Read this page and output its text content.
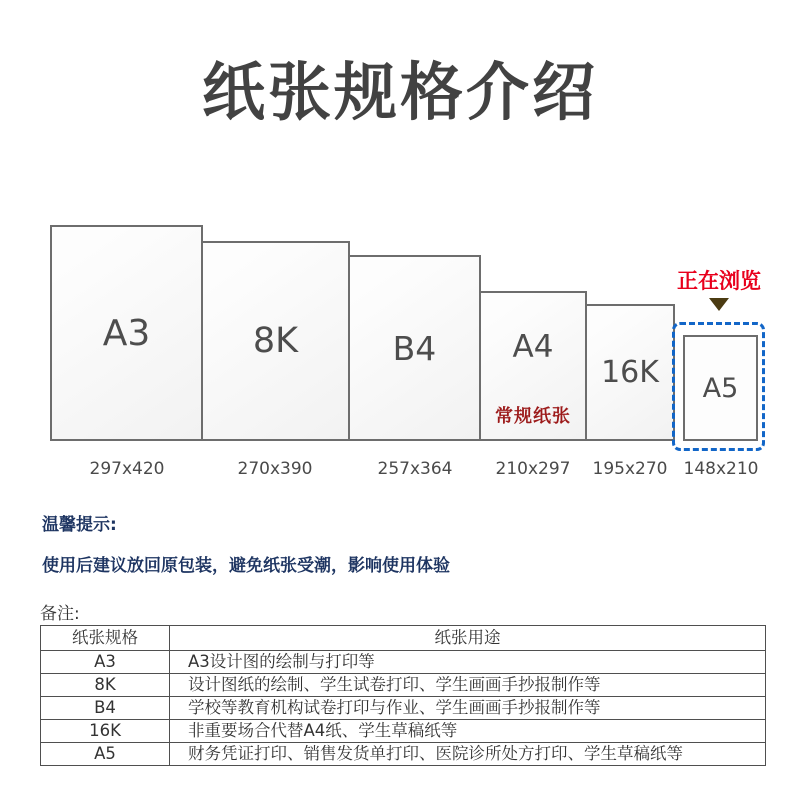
纸张规格介绍
A3	8K	B4 A4
常规纸张
16K A5
正在浏览
297x420	270x390	257x364	210x297	195x270 148x210
温馨提示:
使用后建议放回原包装，避免纸张受潮，影响使用体验
备注:
纸张规格	纸张用途
A3	A3设计图的绘制与打印等
8K	设计图纸的绘制、学生试卷打印、学生画画手抄报制作等
B4	学校等教育机构试卷打印与作业、学生画画手抄报制作等
16K	非重要场合代替A4纸、学生草稿纸等
A5	财务凭证打印、销售发货单打印、医院诊所处方打印、学生草稿纸等
